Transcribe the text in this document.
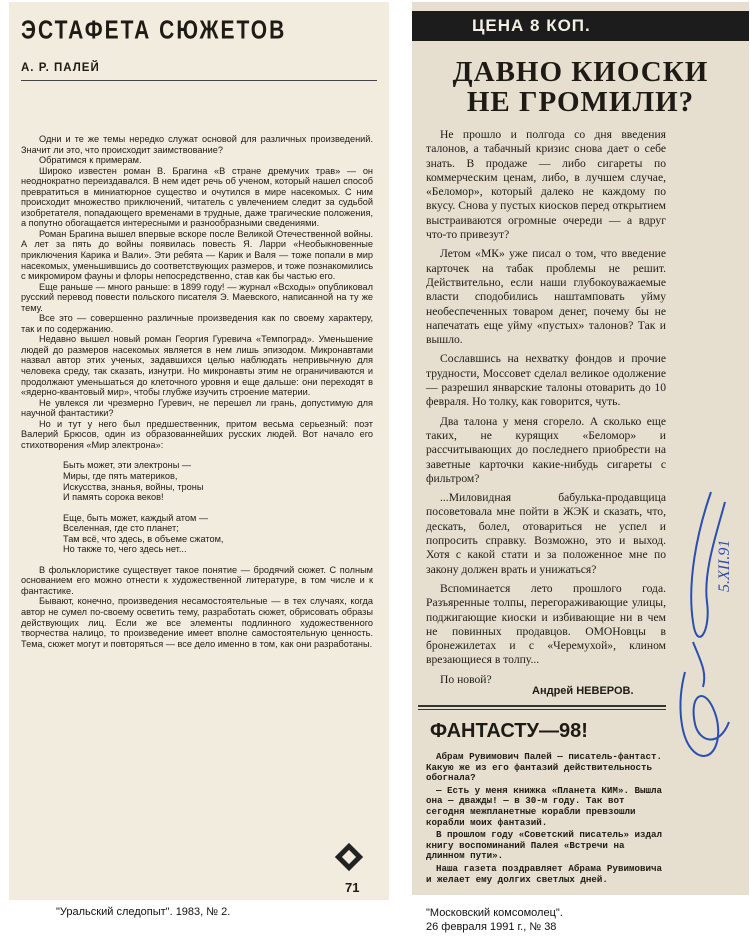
ЭСТАФЕТА СЮЖЕТОВ
А. Р. ПАЛЕЙ

Одни и те же темы нередко служат основой для различных произведений. Значит ли это, что происходит заимствование?

Обратимся к примерам.

Широко известен роман В. Брагина «В стране дремучих трав» — он неоднократно переиздавался. В нем идет речь об ученом, который нашел способ превратиться в миниатюрное существо и очутился в мире насекомых. С ним происходит множество приключений, читатель с увлечением следит за судьбой изобретателя, попадающего временами в трудные, даже трагические положения, а попутно обогащается интересными и разнообразными сведениями.

Роман Брагина вышел впервые вскоре после Великой Отечественной войны. А лет за пять до войны появилась повесть Я. Ларри «Необыкновенные приключения Карика и Вали». Эти ребята — Карик и Валя — тоже попали в мир насекомых, уменьшившись до соответствующих размеров, и тоже познакомились с микромиром фауны и флоры непосредственно, став как бы частью его.

Еще раньше — много раньше: в 1899 году! — журнал «Всходы» опубликовал русский перевод повести польского писателя Э. Маевского, написанной на ту же тему.

Все это — совершенно различные произведения как по своему характеру, так и по содержанию.

Недавно вышел новый роман Георгия Гуревича «Темпоград». Уменьшение людей до размеров насекомых является в нем лишь эпизодом. Микронавтами назвал автор этих ученых, задавшихся целью наблюдать непривычную для человека среду, так сказать, изнутри. Но микронавты этим не ограничиваются и продолжают уменьшаться до клеточного уровня и еще дальше: они переходят в «ядерно-квантовый мир», чтобы глубже изучить строение материи.

Не увлекся ли чрезмерно Гуревич, не перешел ли грань, допустимую для научной фантастики?

Но и тут у него был предшественник, притом весьма серьезный: поэт Валерий Брюсов, один из образованнейших русских людей. Вот начало его стихотворения «Мир электрона»:

Быть может, эти электроны —
Миры, где пять материков,
Искусства, знанья, войны, троны
И память сорока веков!

Еще, быть может, каждый атом —
Вселенная, где сто планет;
Там всё, что здесь, в объеме сжатом,
Но также то, чего здесь нет...

В фольклористике существует такое понятие — бродячий сюжет. С полным основанием его можно отнести к художественной литературе, в том числе и к фантастике.

Бывают, конечно, произведения несамостоятельные — в тех случаях, когда автор не сумел по-своему осветить тему, разработать сюжет, обрисовать образы действующих лиц. Если же все элементы подлинного художественного творчества налицо, то произведение имеет вполне самостоятельную ценность. Тема, сюжет могут и повторяться — все дело именно в том, как они разработаны.

71
ЦЕНА 8 КОП.
ДАВНО КИОСКИ
НЕ ГРОМИЛИ?

Не прошло и полгода со дня введения талонов, а табачный кризис снова дает о себе знать. В продаже — либо сигареты по коммерческим ценам, либо, в лучшем случае, «Беломор», который далеко не каждому по вкусу. Снова у пустых киосков перед открытием выстраиваются огромные очереди — а вдруг что-то привезут?

Летом «МК» уже писал о том, что введение карточек на табак проблемы не решит. Действительно, если наши глубокоуважаемые власти сподобились наштамповать уйму необеспеченных товаром денег, почему бы не напечатать еще уйму «пустых» талонов? Так и вышло.

Сославшись на нехватку фондов и прочие трудности, Моссовет сделал великое одолжение — разрешил январские талоны отоварить до 10 февраля. Но толку, как говорится, чуть.

Два талона у меня сгорело. А сколько еще таких, не курящих «Беломор» и рассчитывающих до последнего приобрести на заветные карточки какие-нибудь сигареты с фильтром?

...Миловидная бабулька-продавщица посоветовала мне пойти в ЖЭК и сказать, что, дескать, болел, отовариться не успел и попросить справку. Возможно, это и выход. Хотя с какой стати и за положенное мне по закону должен врать и унижаться?

Вспоминается лето прошлого года. Разъяренные толпы, перегораживающие улицы, поджигающие киоски и избивающие ни в чем не повинных продавцов. ОМОНовцы в бронежилетах и с «Черемухой», клином врезающиеся в толпу...

По новой?

Андрей НЕВЕРОВ.
ФАНТАСТУ—98!

Абрам Рувимович Палей — писатель-фантаст. Какую же из его фантазий действительность обогнала?

— Есть у меня книжка «Планета КИМ». Вышла она — дважды! — в 30-м году. Так вот сегодня межпланетные корабли превзошли корабли моих фантазий.

В прошлом году «Советский писатель» издал книгу воспоминаний Палея «Встречи на длинном пути».

Наша газета поздравляет Абрама Рувимовича и желает ему долгих светлых дней.

5.XII.91
"Уральский следопыт". 1983, № 2.	"Московский комсомолец".
26 февраля 1991 г., № 38
